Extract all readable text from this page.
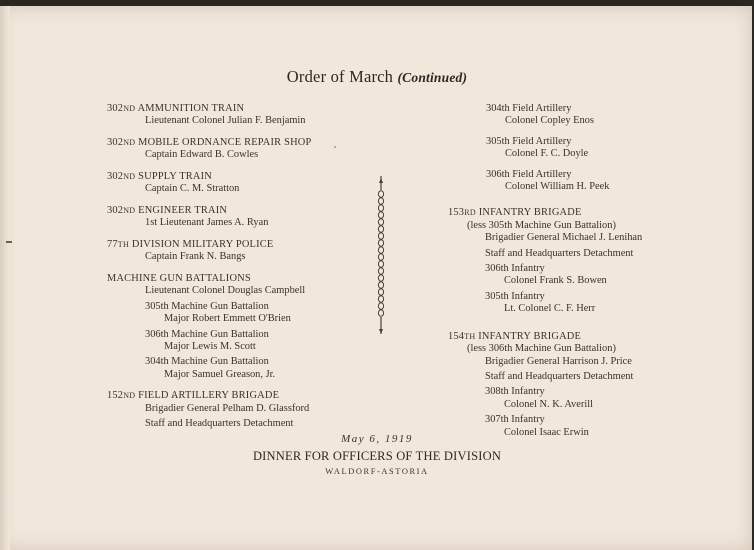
Order of March (Continued)
302ND AMMUNITION TRAIN
Lieutenant Colonel Julian F. Benjamin
302ND MOBILE ORDNANCE REPAIR SHOP
Captain Edward B. Cowles
302ND SUPPLY TRAIN
Captain C. M. Stratton
302ND ENGINEER TRAIN
1st Lieutenant James A. Ryan
77TH DIVISION MILITARY POLICE
Captain Frank N. Bangs
MACHINE GUN BATTALIONS
Lieutenant Colonel Douglas Campbell
305th Machine Gun Battalion
Major Robert Emmett O'Brien
306th Machine Gun Battalion
Major Lewis M. Scott
304th Machine Gun Battalion
Major Samuel Greason, Jr.
152ND FIELD ARTILLERY BRIGADE
Brigadier General Pelham D. Glassford
Staff and Headquarters Detachment
304th Field Artillery
Colonel Copley Enos
305th Field Artillery
Colonel F. C. Doyle
306th Field Artillery
Colonel William H. Peek
153RD INFANTRY BRIGADE
(less 305th Machine Gun Battalion)
Brigadier General Michael J. Lenihan
Staff and Headquarters Detachment
306th Infantry
Colonel Frank S. Bowen
305th Infantry
Lt. Colonel C. F. Herr
154TH INFANTRY BRIGADE
(less 306th Machine Gun Battalion)
Brigadier General Harrison J. Price
Staff and Headquarters Detachment
308th Infantry
Colonel N. K. Averill
307th Infantry
Colonel Isaac Erwin
May 6, 1919
DINNER FOR OFFICERS OF THE DIVISION
WALDORF-ASTORIA
